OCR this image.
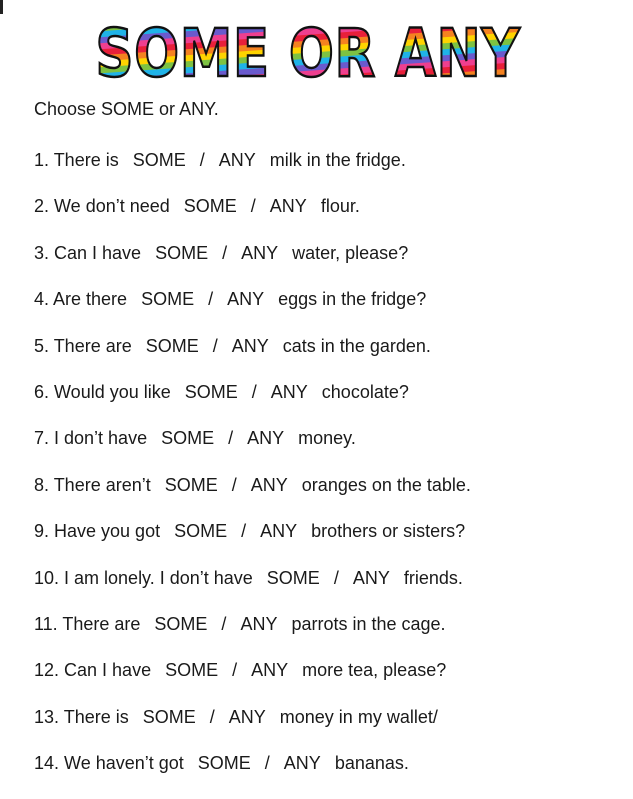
SOME OR ANY
Choose SOME or ANY.
1. There is SOME / ANY milk in the fridge.
2. We don’t need SOME / ANY flour.
3. Can I have SOME / ANY water, please?
4. Are there SOME / ANY eggs in the fridge?
5. There are SOME / ANY cats in the garden.
6. Would you like SOME / ANY chocolate?
7. I don’t have SOME / ANY money.
8. There aren’t SOME / ANY oranges on the table.
9. Have you got SOME / ANY brothers or sisters?
10. I am lonely. I don’t have SOME / ANY friends.
11. There are SOME / ANY parrots in the cage.
12. Can I have SOME / ANY more tea, please?
13. There is SOME / ANY money in my wallet/
14. We haven’t got SOME / ANY bananas.
